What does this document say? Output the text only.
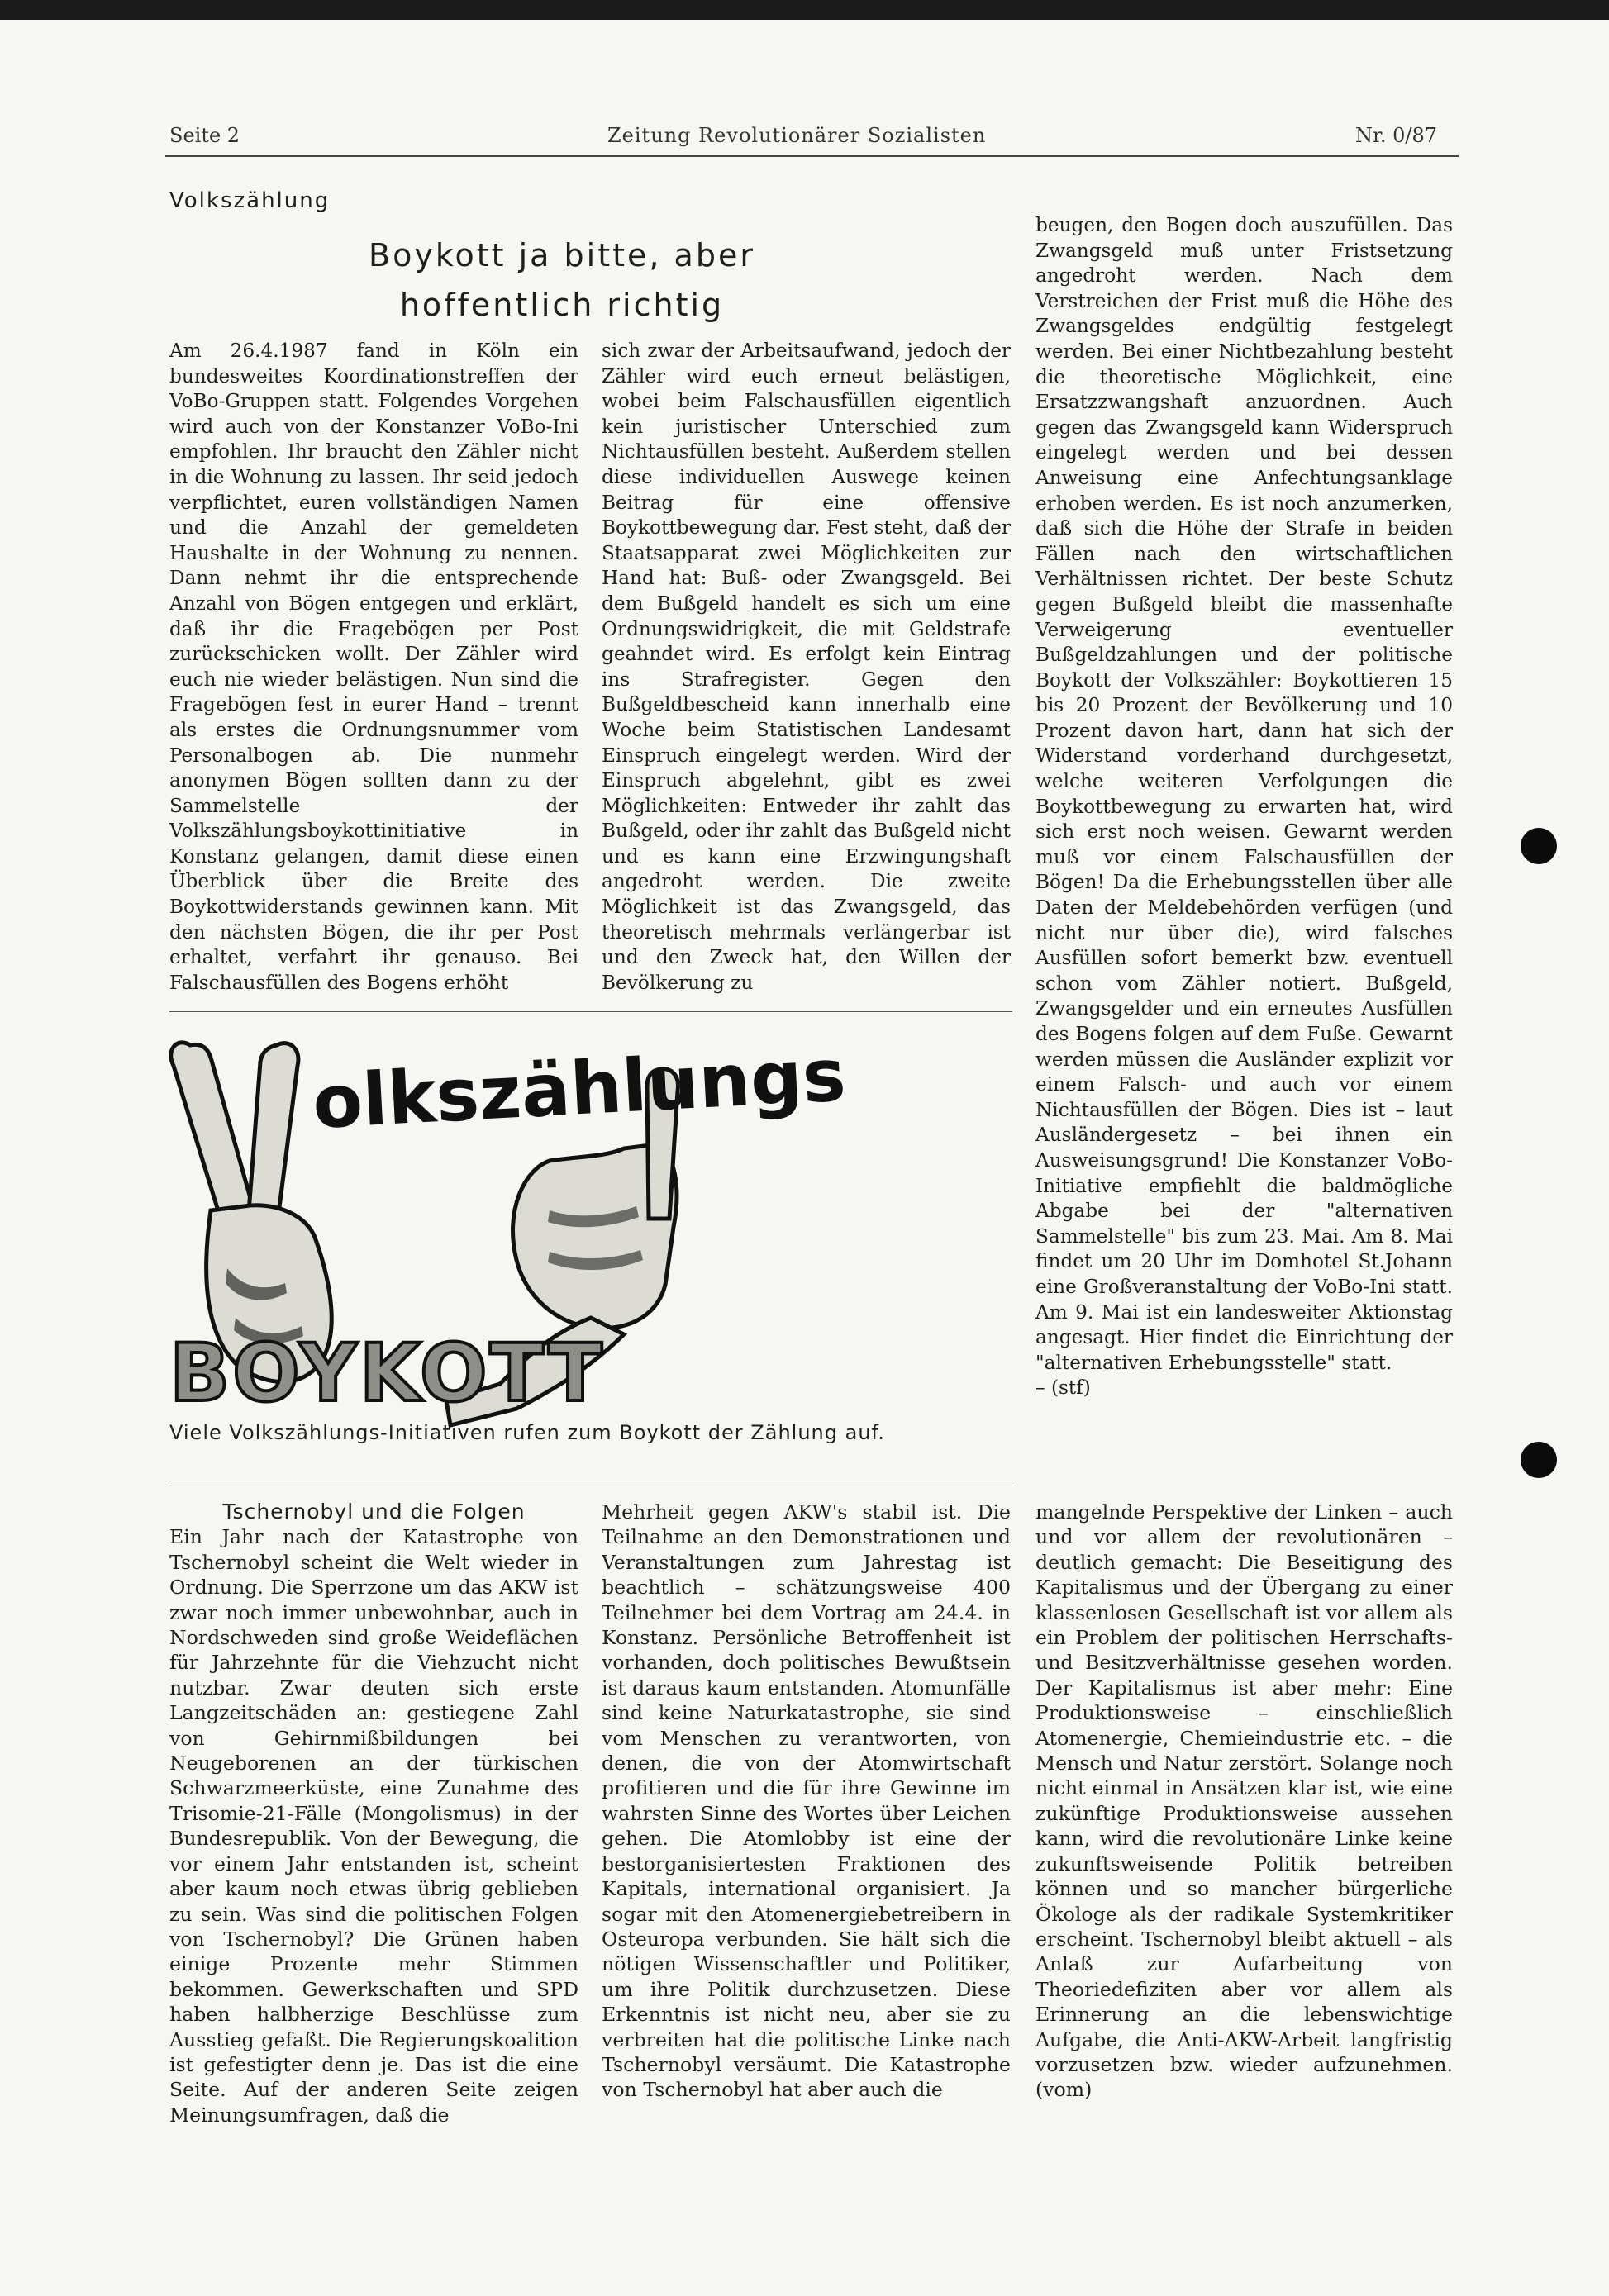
Seite 2	Zeitung Revolutionärer Sozialisten	Nr. 0/87
Volkszählung
Boykott ja bitte, aber
hoffentlich richtig
Am 26.4.1987 fand in Köln ein bundesweites Koordinationstreffen der VoBo-Gruppen statt. Folgendes Vorgehen wird auch von der Konstanzer VoBo-Ini empfohlen. Ihr braucht den Zähler nicht in die Wohnung zu lassen. Ihr seid jedoch verpflichtet, euren vollständigen Namen und die Anzahl der gemeldeten Haushalte in der Wohnung zu nennen. Dann nehmt ihr die entsprechende Anzahl von Bögen entgegen und erklärt, daß ihr die Fragebögen per Post zurückschicken wollt. Der Zähler wird euch nie wieder belästigen. Nun sind die Fragebögen fest in eurer Hand – trennt als erstes die Ordnungsnummer vom Personalbogen ab. Die nunmehr anonymen Bögen sollten dann zu der Sammelstelle der Volkszählungsboykottinitiative in Konstanz gelangen, damit diese einen Überblick über die Breite des Boykottwiderstands gewinnen kann. Mit den nächsten Bögen, die ihr per Post erhaltet, verfahrt ihr genauso. Bei Falschausfüllen des Bogens erhöht
sich zwar der Arbeitsaufwand, jedoch der Zähler wird euch erneut belästigen, wobei beim Falschausfüllen eigentlich kein juristischer Unterschied zum Nichtausfüllen besteht. Außerdem stellen diese individuellen Auswege keinen Beitrag für eine offensive Boykottbewegung dar. Fest steht, daß der Staatsapparat zwei Möglichkeiten zur Hand hat: Buß- oder Zwangsgeld. Bei dem Bußgeld handelt es sich um eine Ordnungswidrigkeit, die mit Geldstrafe geahndet wird. Es erfolgt kein Eintrag ins Strafregister. Gegen den Bußgeldbescheid kann innerhalb eine Woche beim Statistischen Landesamt Einspruch eingelegt werden. Wird der Einspruch abgelehnt, gibt es zwei Möglichkeiten: Entweder ihr zahlt das Bußgeld, oder ihr zahlt das Bußgeld nicht und es kann eine Erzwingungshaft angedroht werden. Die zweite Möglichkeit ist das Zwangsgeld, das theoretisch mehrmals verlängerbar ist und den Zweck hat, den Willen der Bevölkerung zu
beugen, den Bogen doch auszufüllen. Das Zwangsgeld muß unter Fristsetzung angedroht werden. Nach dem Verstreichen der Frist muß die Höhe des Zwangsgeldes endgültig festgelegt werden. Bei einer Nichtbezahlung besteht die theoretische Möglichkeit, eine Ersatzzwangshaft anzuordnen. Auch gegen das Zwangsgeld kann Widerspruch eingelegt werden und bei dessen Anweisung eine Anfechtungsanklage erhoben werden. Es ist noch anzumerken, daß sich die Höhe der Strafe in beiden Fällen nach den wirtschaftlichen Verhältnissen richtet. Der beste Schutz gegen Bußgeld bleibt die massenhafte Verweigerung eventueller Bußgeldzahlungen und der politische Boykott der Volkszähler: Boykottieren 15 bis 20 Prozent der Bevölkerung und 10 Prozent davon hart, dann hat sich der Widerstand vorderhand durchgesetzt, welche weiteren Verfolgungen die Boykottbewegung zu erwarten hat, wird sich erst noch weisen. Gewarnt werden muß vor einem Falschausfüllen der Bögen! Da die Erhebungsstellen über alle Daten der Meldebehörden verfügen (und nicht nur über die), wird falsches Ausfüllen sofort bemerkt bzw. eventuell schon vom Zähler notiert. Bußgeld, Zwangsgelder und ein erneutes Ausfüllen des Bogens folgen auf dem Fuße. Gewarnt werden müssen die Ausländer explizit vor einem Falsch- und auch vor einem Nichtausfüllen der Bögen. Dies ist – laut Ausländergesetz – bei ihnen ein Ausweisungsgrund! Die Konstanzer VoBo-Initiative empfiehlt die baldmögliche Abgabe bei der "alternativen Sammelstelle" bis zum 23. Mai. Am 8. Mai findet um 20 Uhr im Domhotel St.Johann eine Großveranstaltung der VoBo-Ini statt. Am 9. Mai ist ein landesweiter Aktionstag angesagt. Hier findet die Einrichtung der "alternativen Erhebungsstelle" statt.
– (stf)
olkszählungs
BOYKOTT
Viele Volkszählungs-Initiativen rufen zum Boykott der Zählung auf.
Tschernobyl und die Folgen
Ein Jahr nach der Katastrophe von Tschernobyl scheint die Welt wieder in Ordnung. Die Sperrzone um das AKW ist zwar noch immer unbewohnbar, auch in Nordschweden sind große Weideflächen für Jahrzehnte für die Viehzucht nicht nutzbar. Zwar deuten sich erste Langzeitschäden an: gestiegene Zahl von Gehirnmißbildungen bei Neugeborenen an der türkischen Schwarzmeerküste, eine Zunahme des Trisomie-21-Fälle (Mongolismus) in der Bundesrepublik. Von der Bewegung, die vor einem Jahr entstanden ist, scheint aber kaum noch etwas übrig geblieben zu sein. Was sind die politischen Folgen von Tschernobyl? Die Grünen haben einige Prozente mehr Stimmen bekommen. Gewerkschaften und SPD haben halbherzige Beschlüsse zum Ausstieg gefaßt. Die Regierungskoalition ist gefestigter denn je. Das ist die eine Seite. Auf der anderen Seite zeigen Meinungsumfragen, daß die
Mehrheit gegen AKW's stabil ist. Die Teilnahme an den Demonstrationen und Veranstaltungen zum Jahrestag ist beachtlich – schätzungsweise 400 Teilnehmer bei dem Vortrag am 24.4. in Konstanz. Persönliche Betroffenheit ist vorhanden, doch politisches Bewußtsein ist daraus kaum entstanden. Atomunfälle sind keine Naturkatastrophe, sie sind vom Menschen zu verantworten, von denen, die von der Atomwirtschaft profitieren und die für ihre Gewinne im wahrsten Sinne des Wortes über Leichen gehen. Die Atomlobby ist eine der bestorganisiertesten Fraktionen des Kapitals, international organisiert. Ja sogar mit den Atomenergiebetreibern in Osteuropa verbunden. Sie hält sich die nötigen Wissenschaftler und Politiker, um ihre Politik durchzusetzen. Diese Erkenntnis ist nicht neu, aber sie zu verbreiten hat die politische Linke nach Tschernobyl versäumt. Die Katastrophe von Tschernobyl hat aber auch die
mangelnde Perspektive der Linken – auch und vor allem der revolutionären – deutlich gemacht: Die Beseitigung des Kapitalismus und der Übergang zu einer klassenlosen Gesellschaft ist vor allem als ein Problem der politischen Herrschafts- und Besitzverhältnisse gesehen worden. Der Kapitalismus ist aber mehr: Eine Produktionsweise – einschließlich Atomenergie, Chemieindustrie etc. – die Mensch und Natur zerstört. Solange noch nicht einmal in Ansätzen klar ist, wie eine zukünftige Produktionsweise aussehen kann, wird die revolutionäre Linke keine zukunftsweisende Politik betreiben können und so mancher bürgerliche Ökologe als der radikale Systemkritiker erscheint. Tschernobyl bleibt aktuell – als Anlaß zur Aufarbeitung von Theoriedefiziten aber vor allem als Erinnerung an die lebenswichtige Aufgabe, die Anti-AKW-Arbeit langfristig vorzusetzen bzw. wieder aufzunehmen. (vom)
